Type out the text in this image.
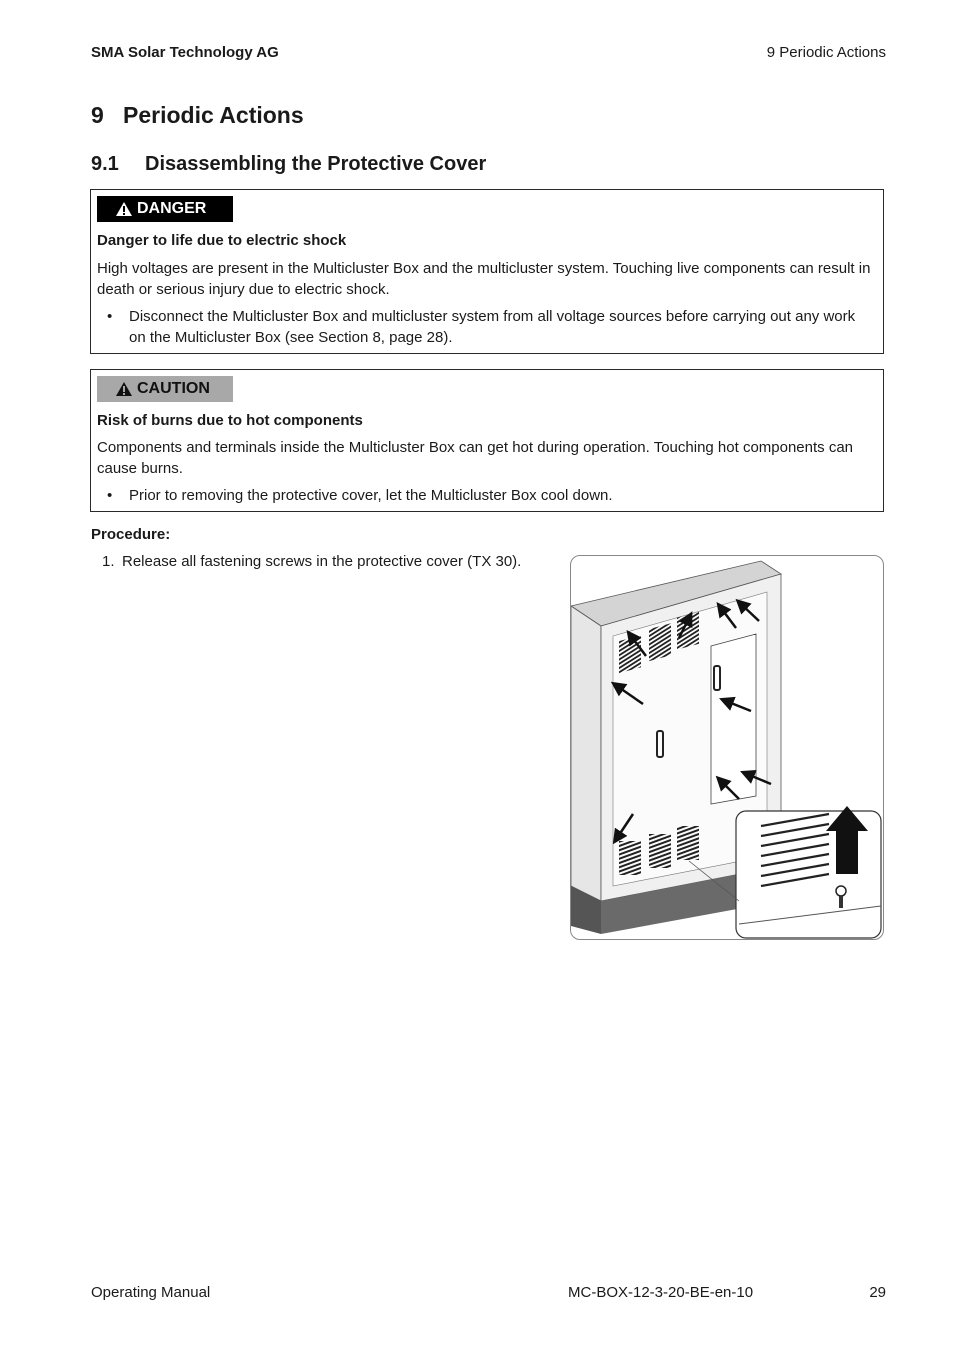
SMA Solar Technology AG	9 Periodic Actions
9 Periodic Actions
9.1 Disassembling the Protective Cover
DANGER
Danger to life due to electric shock
High voltages are present in the Multicluster Box and the multicluster system. Touching live components can result in death or serious injury due to electric shock.
• Disconnect the Multicluster Box and multicluster system from all voltage sources before carrying out any work on the Multicluster Box (see Section 8, page 28).
CAUTION
Risk of burns due to hot components
Components and terminals inside the Multicluster Box can get hot during operation. Touching hot components can cause burns.
• Prior to removing the protective cover, let the Multicluster Box cool down.
Procedure:
1. Release all fastening screws in the protective cover (TX 30).
Operating Manual	MC-BOX-12-3-20-BE-en-10	29
